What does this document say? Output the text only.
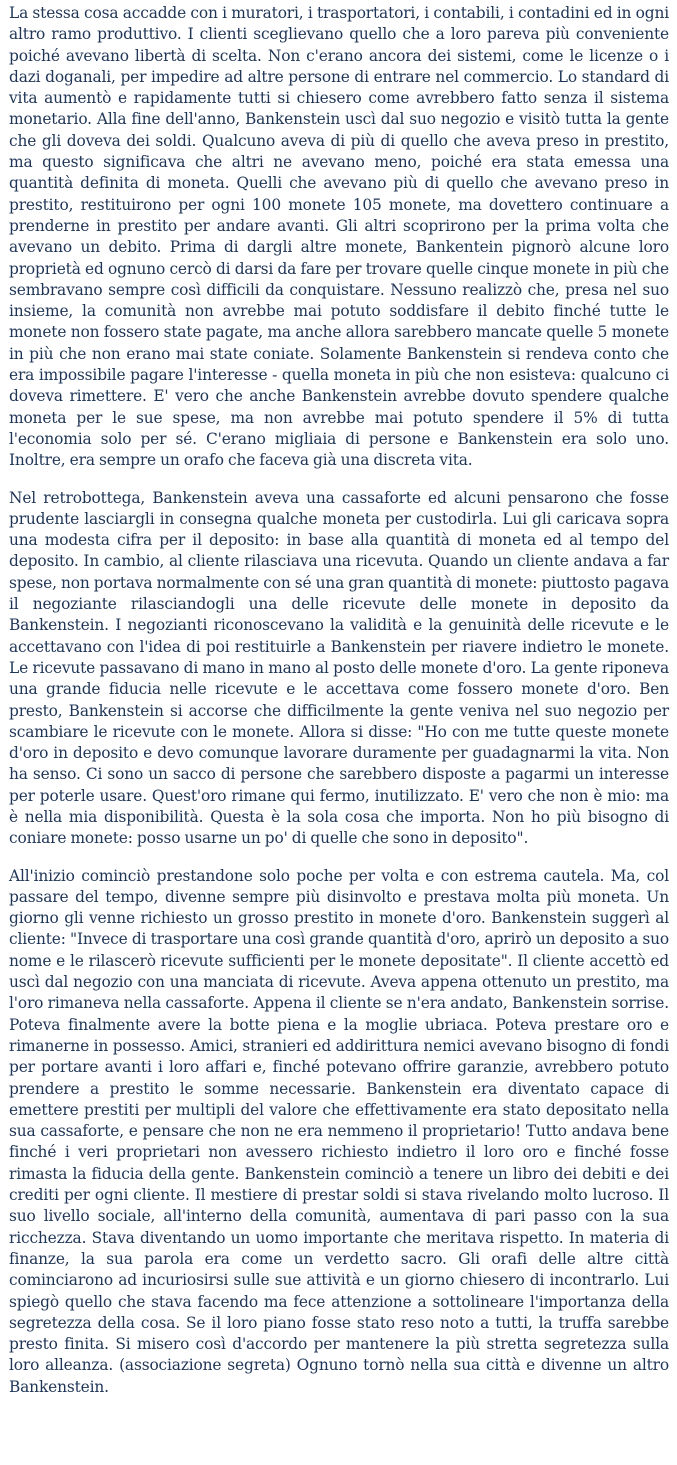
La stessa cosa accadde con i muratori, i trasportatori, i contabili, i contadini ed in ogni altro ramo produttivo. I clienti sceglievano quello che a loro pareva più conveniente poiché avevano libertà di scelta. Non c'erano ancora dei sistemi, come le licenze o i dazi doganali, per impedire ad altre persone di entrare nel commercio. Lo standard di vita aumentò e rapidamente tutti si chiesero come avrebbero fatto senza il sistema monetario. Alla fine dell'anno, Bankenstein uscì dal suo negozio e visitò tutta la gente che gli doveva dei soldi. Qualcuno aveva di più di quello che aveva preso in prestito, ma questo significava che altri ne avevano meno, poiché era stata emessa una quantità definita di moneta. Quelli che avevano più di quello che avevano preso in prestito, restituirono per ogni 100 monete 105 monete, ma dovettero continuare a prenderne in prestito per andare avanti. Gli altri scoprirono per la prima volta che avevano un debito. Prima di dargli altre monete, Bankentein pignorò alcune loro proprietà ed ognuno cercò di darsi da fare per trovare quelle cinque monete in più che sembravano sempre così difficili da conquistare. Nessuno realizzò che, presa nel suo insieme, la comunità non avrebbe mai potuto soddisfare il debito finché tutte le monete non fossero state pagate, ma anche allora sarebbero mancate quelle 5 monete in più che non erano mai state coniate. Solamente Bankenstein si rendeva conto che era impossibile pagare l'interesse - quella moneta in più che non esisteva: qualcuno ci doveva rimettere. E' vero che anche Bankenstein avrebbe dovuto spendere qualche moneta per le sue spese, ma non avrebbe mai potuto spendere il 5% di tutta l'economia solo per sé. C'erano migliaia di persone e Bankenstein era solo uno. Inoltre, era sempre un orafo che faceva già una discreta vita.

Nel retrobottega, Bankenstein aveva una cassaforte ed alcuni pensarono che fosse prudente lasciargli in consegna qualche moneta per custodirla. Lui gli caricava sopra una modesta cifra per il deposito: in base alla quantità di moneta ed al tempo del deposito. In cambio, al cliente rilasciava una ricevuta. Quando un cliente andava a far spese, non portava normalmente con sé una gran quantità di monete: piuttosto pagava il negoziante rilasciandogli una delle ricevute delle monete in deposito da Bankenstein. I negozianti riconoscevano la validità e la genuinità delle ricevute e le accettavano con l'idea di poi restituirle a Bankenstein per riavere indietro le monete. Le ricevute passavano di mano in mano al posto delle monete d'oro. La gente riponeva una grande fiducia nelle ricevute e le accettava come fossero monete d'oro. Ben presto, Bankenstein si accorse che difficilmente la gente veniva nel suo negozio per scambiare le ricevute con le monete. Allora si disse: "Ho con me tutte queste monete d'oro in deposito e devo comunque lavorare duramente per guadagnarmi la vita. Non ha senso. Ci sono un sacco di persone che sarebbero disposte a pagarmi un interesse per poterle usare. Quest'oro rimane qui fermo, inutilizzato. E' vero che non è mio: ma è nella mia disponibilità. Questa è la sola cosa che importa. Non ho più bisogno di coniare monete: posso usarne un po' di quelle che sono in deposito".

All'inizio cominciò prestandone solo poche per volta e con estrema cautela. Ma, col passare del tempo, divenne sempre più disinvolto e prestava molta più moneta. Un giorno gli venne richiesto un grosso prestito in monete d'oro. Bankenstein suggerì al cliente: "Invece di trasportare una così grande quantità d'oro, aprirò un deposito a suo nome e le rilascerò ricevute sufficienti per le monete depositate". Il cliente accettò ed uscì dal negozio con una manciata di ricevute. Aveva appena ottenuto un prestito, ma l'oro rimaneva nella cassaforte. Appena il cliente se n'era andato, Bankenstein sorrise. Poteva finalmente avere la botte piena e la moglie ubriaca. Poteva prestare oro e rimanerne in possesso. Amici, stranieri ed addirittura nemici avevano bisogno di fondi per portare avanti i loro affari e, finché potevano offrire garanzie, avrebbero potuto prendere a prestito le somme necessarie. Bankenstein era diventato capace di emettere prestiti per multipli del valore che effettivamente era stato depositato nella sua cassaforte, e pensare che non ne era nemmeno il proprietario! Tutto andava bene finché i veri proprietari non avessero richiesto indietro il loro oro e finché fosse rimasta la fiducia della gente. Bankenstein cominciò a tenere un libro dei debiti e dei crediti per ogni cliente. Il mestiere di prestar soldi si stava rivelando molto lucroso. Il suo livello sociale, all'interno della comunità, aumentava di pari passo con la sua ricchezza. Stava diventando un uomo importante che meritava rispetto. In materia di finanze, la sua parola era come un verdetto sacro. Gli orafi delle altre città cominciarono ad incuriosirsi sulle sue attività e un giorno chiesero di incontrarlo. Lui spiegò quello che stava facendo ma fece attenzione a sottolineare l'importanza della segretezza della cosa. Se il loro piano fosse stato reso noto a tutti, la truffa sarebbe presto finita. Si misero così d'accordo per mantenere la più stretta segretezza sulla loro alleanza. (associazione segreta) Ognuno tornò nella sua città e divenne un altro Bankenstein.
